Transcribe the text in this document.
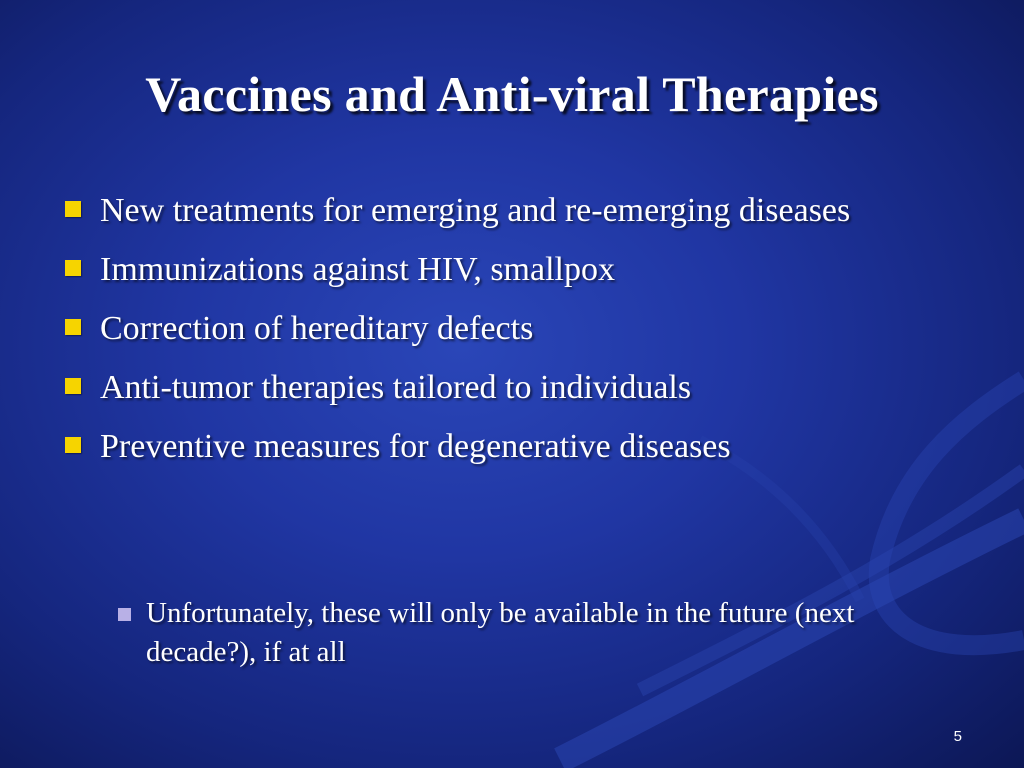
Vaccines and Anti-viral Therapies
New treatments for emerging and re-emerging diseases
Immunizations against HIV, smallpox
Correction of hereditary defects
Anti-tumor therapies tailored to individuals
Preventive measures for degenerative diseases
Unfortunately, these will only be available in the future (next decade?), if at all
5
